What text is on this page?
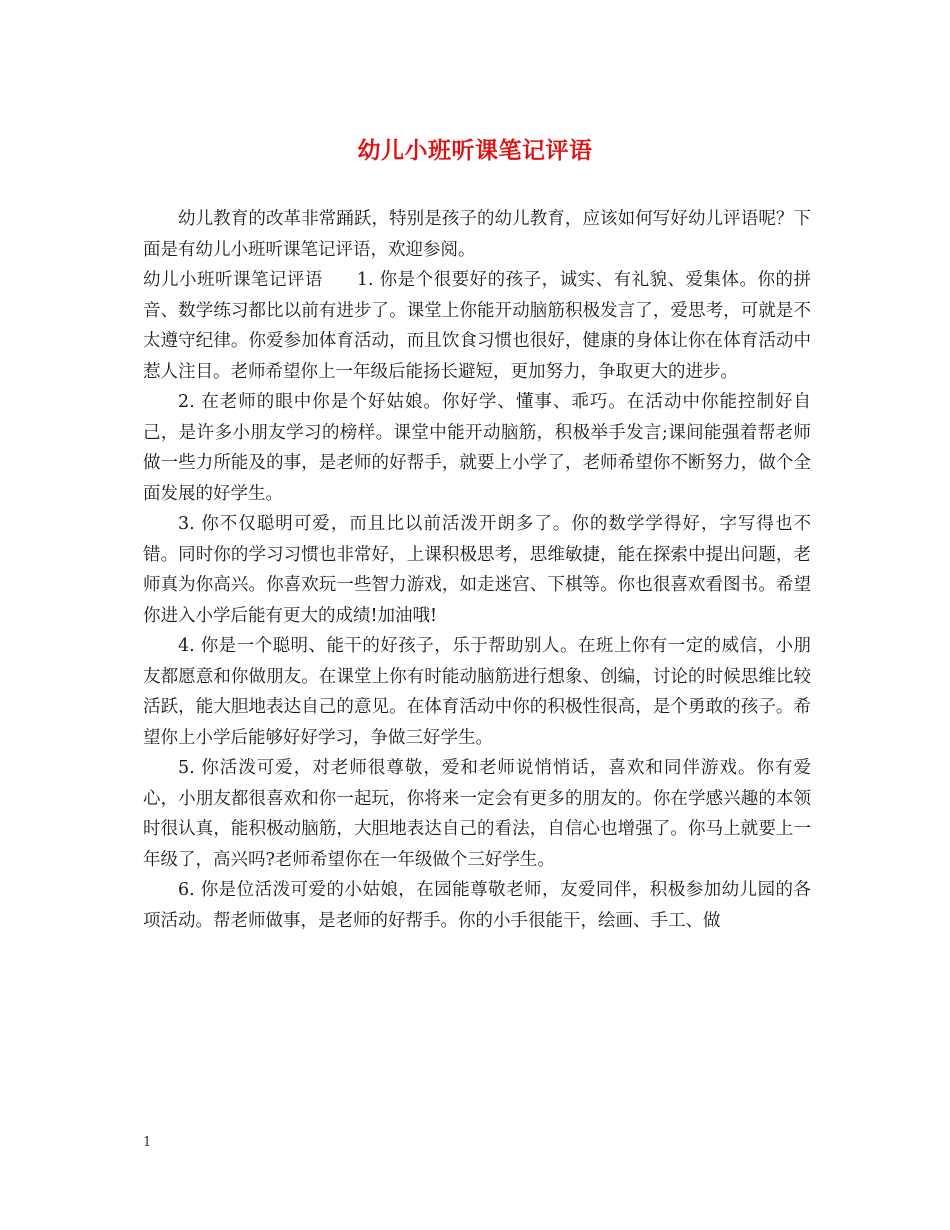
幼儿小班听课笔记评语

幼儿教育的改革非常踊跃，特别是孩子的幼儿教育，应该如何写好幼儿评语呢？下面是有幼儿小班听课笔记评语，欢迎参阅。

幼儿小班听课笔记评语 1. 你是个很要好的孩子，诚实、有礼貌、爱集体。你的拼音、数学练习都比以前有进步了。课堂上你能开动脑筋积极发言了，爱思考，可就是不太遵守纪律。你爱参加体育活动，而且饮食习惯也很好，健康的身体让你在体育活动中惹人注目。老师希望你上一年级后能扬长避短，更加努力，争取更大的进步。

2. 在老师的眼中你是个好姑娘。你好学、懂事、乖巧。在活动中你能控制好自己，是许多小朋友学习的榜样。课堂中能开动脑筋，积极举手发言;课间能强着帮老师做一些力所能及的事，是老师的好帮手，就要上小学了，老师希望你不断努力，做个全面发展的好学生。

3. 你不仅聪明可爱，而且比以前活泼开朗多了。你的数学学得好，字写得也不错。同时你的学习习惯也非常好，上课积极思考，思维敏捷，能在探索中提出问题，老师真为你高兴。你喜欢玩一些智力游戏，如走迷宫、下棋等。你也很喜欢看图书。希望你进入小学后能有更大的成绩!加油哦!

4. 你是一个聪明、能干的好孩子，乐于帮助别人。在班上你有一定的威信，小朋友都愿意和你做朋友。在课堂上你有时能动脑筋进行想象、创编，讨论的时候思维比较活跃，能大胆地表达自己的意见。在体育活动中你的积极性很高，是个勇敢的孩子。希望你上小学后能够好好学习，争做三好学生。

5. 你活泼可爱，对老师很尊敬，爱和老师说悄悄话，喜欢和同伴游戏。你有爱心，小朋友都很喜欢和你一起玩，你将来一定会有更多的朋友的。你在学感兴趣的本领时很认真，能积极动脑筋，大胆地表达自己的看法，自信心也增强了。你马上就要上一年级了，高兴吗?老师希望你在一年级做个三好学生。

6. 你是位活泼可爱的小姑娘，在园能尊敬老师，友爱同伴，积极参加幼儿园的各项活动。帮老师做事，是老师的好帮手。你的小手很能干，绘画、手工、做

1
